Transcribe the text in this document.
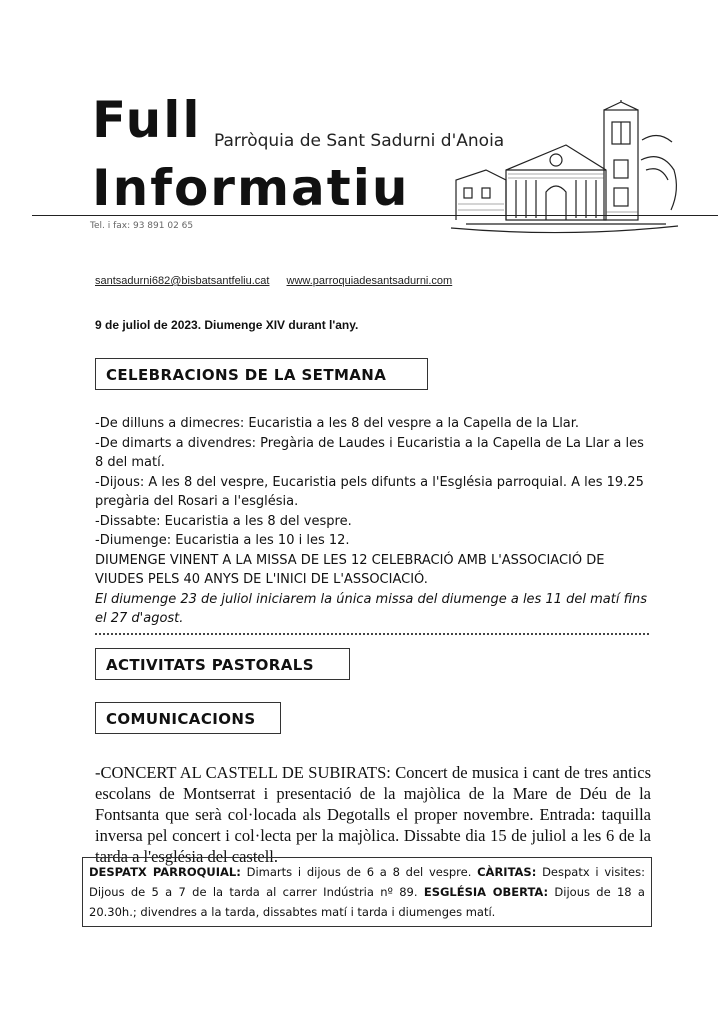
Full Parròquia de Sant Sadurni d'Anoia
Informatiu
Tel. i fax: 93 891 02 65
santsadurni682@bisbatsantfeliu.cat www.parroquiadesantsadurni.com
9 de juliol de 2023. Diumenge XIV durant l'any.
CELEBRACIONS DE LA SETMANA

-De dilluns a dimecres: Eucaristia a les 8 del vespre a la Capella de la Llar.

-De dimarts a divendres: Pregària de Laudes i Eucaristia a la Capella de La Llar a les 8 del matí.

-Dijous: A les 8 del vespre, Eucaristia pels difunts a l'Església parroquial. A les 19.25 pregària del Rosari a l'església.

-Dissabte: Eucaristia a les 8 del vespre.

-Diumenge: Eucaristia a les 10 i les 12.

DIUMENGE VINENT A LA MISSA DE LES 12 CELEBRACIÓ AMB L'ASSOCIACIÓ DE VIUDES PELS 40 ANYS DE L'INICI DE L'ASSOCIACIÓ.

El diumenge 23 de juliol iniciarem la única missa del diumenge a les 11 del matí fins el 27 d'agost.

ACTIVITATS PASTORALS
COMUNICACIONS
-CONCERT AL CASTELL DE SUBIRATS: Concert de musica i cant de tres antics escolans de Montserrat i presentació de la majòlica de la Mare de Déu de la Fontsanta que serà col·locada als Degotalls el proper novembre. Entrada: taquilla inversa pel concert i col·lecta per la majòlica. Dissabte dia 15 de juliol a les 6 de la tarda a l'església del castell.
DESPATX PARROQUIAL: Dimarts i dijous de 6 a 8 del vespre. CÀRITAS: Despatx i visites: Dijous de 5 a 7 de la tarda al carrer Indústria nº 89. ESGLÉSIA OBERTA: Dijous de 18 a 20.30h.; divendres a la tarda, dissabtes matí i tarda i diumenges matí.
